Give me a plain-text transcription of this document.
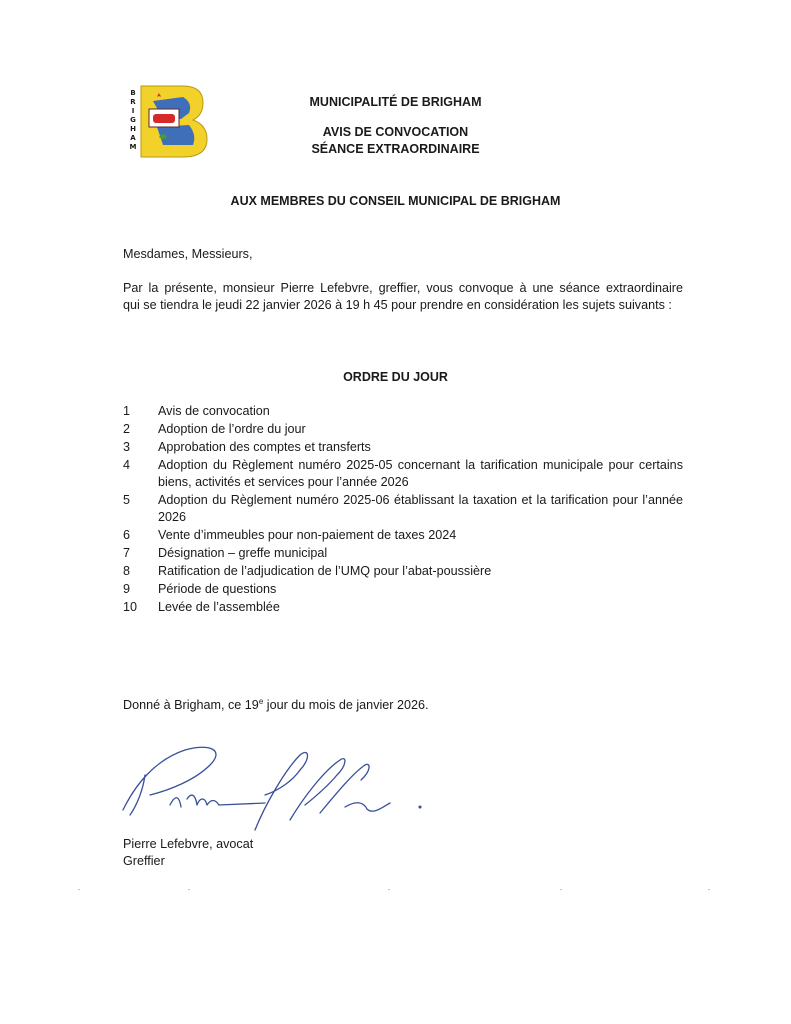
B
R
I
G
H
A
M
MUNICIPALITÉ DE BRIGHAM
AVIS DE CONVOCATION
SÉANCE EXTRAORDINAIRE
AUX MEMBRES DU CONSEIL MUNICIPAL DE BRIGHAM
Mesdames, Messieurs,
Par la présente, monsieur Pierre Lefebvre, greffier, vous convoque à une séance extraordinaire
qui se tiendra le jeudi 22 janvier 2026 à 19 h 45 pour prendre en considération les sujets suivants :
ORDRE DU JOUR
1	Avis de convocation
2	Adoption de l’ordre du jour
3	Approbation des comptes et transferts
4	Adoption du Règlement numéro 2025-05 concernant la tarification municipale pour certains biens, activités et services pour l’année 2026
5	Adoption du Règlement numéro 2025-06 établissant la taxation et la tarification pour l’année 2026
6	Vente d’immeubles pour non-paiement de taxes 2024
7	Désignation – greffe municipal
8	Ratification de l’adjudication de l’UMQ pour l’abat-poussière
9	Période de questions
10	Levée de l’assemblée
Donné à Brigham, ce 19e jour du mois de janvier 2026.
Pierre Lefebvre, avocat
Greffier
